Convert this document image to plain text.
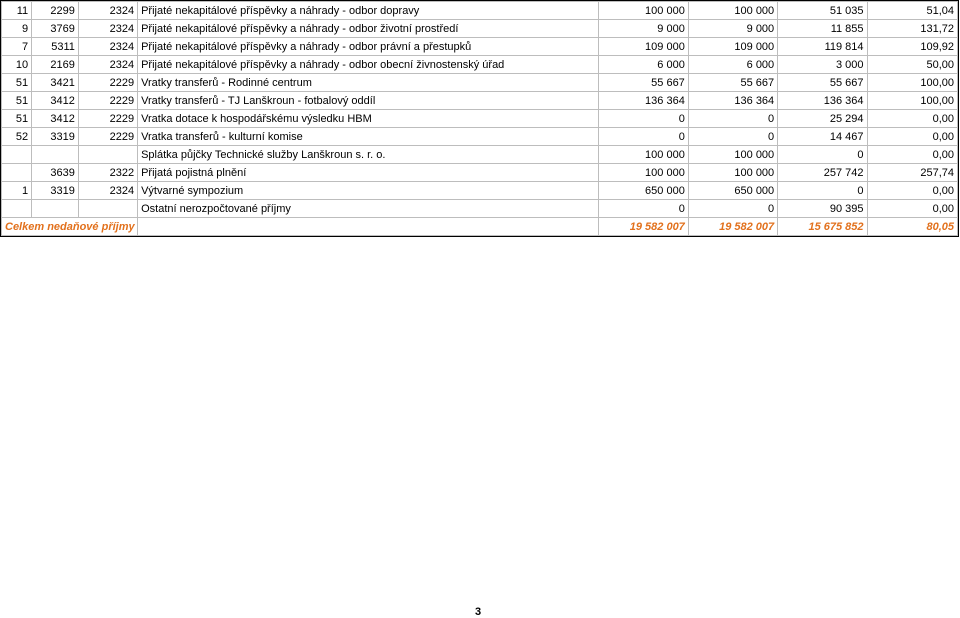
11	2299	2324	Přijaté nekapitálové příspěvky a náhrady - odbor dopravy	100 000	100 000	51 035	51,04
9	3769	2324	Přijaté nekapitálové příspěvky a náhrady - odbor životní prostředí	9 000	9 000	11 855	131,72
7	5311	2324	Přijaté nekapitálové příspěvky a náhrady - odbor právní a přestupků	109 000	109 000	119 814	109,92
10	2169	2324	Přijaté nekapitálové příspěvky a náhrady - odbor obecní živnostenský úřad	6 000	6 000	3 000	50,00
51	3421	2229	Vratky transferů - Rodinné centrum	55 667	55 667	55 667	100,00
51	3412	2229	Vratky transferů - TJ Lanškroun - fotbalový oddíl	136 364	136 364	136 364	100,00
51	3412	2229	Vratka dotace k hospodářskému výsledku HBM	0	0	25 294	0,00
52	3319	2229	Vratka transferů - kulturní komise	0	0	14 467	0,00
			Splátka půjčky Technické služby Lanškroun s. r. o.	100 000	100 000	0	0,00
	3639	2322	Přijatá pojistná plnění	100 000	100 000	257 742	257,74
1	3319	2324	Výtvarné sympozium	650 000	650 000	0	0,00
			Ostatní nerozpočtované příjmy	0	0	90 395	0,00
Celkem nedaňové příjmy				19 582 007	19 582 007	15 675 852	80,05
3
